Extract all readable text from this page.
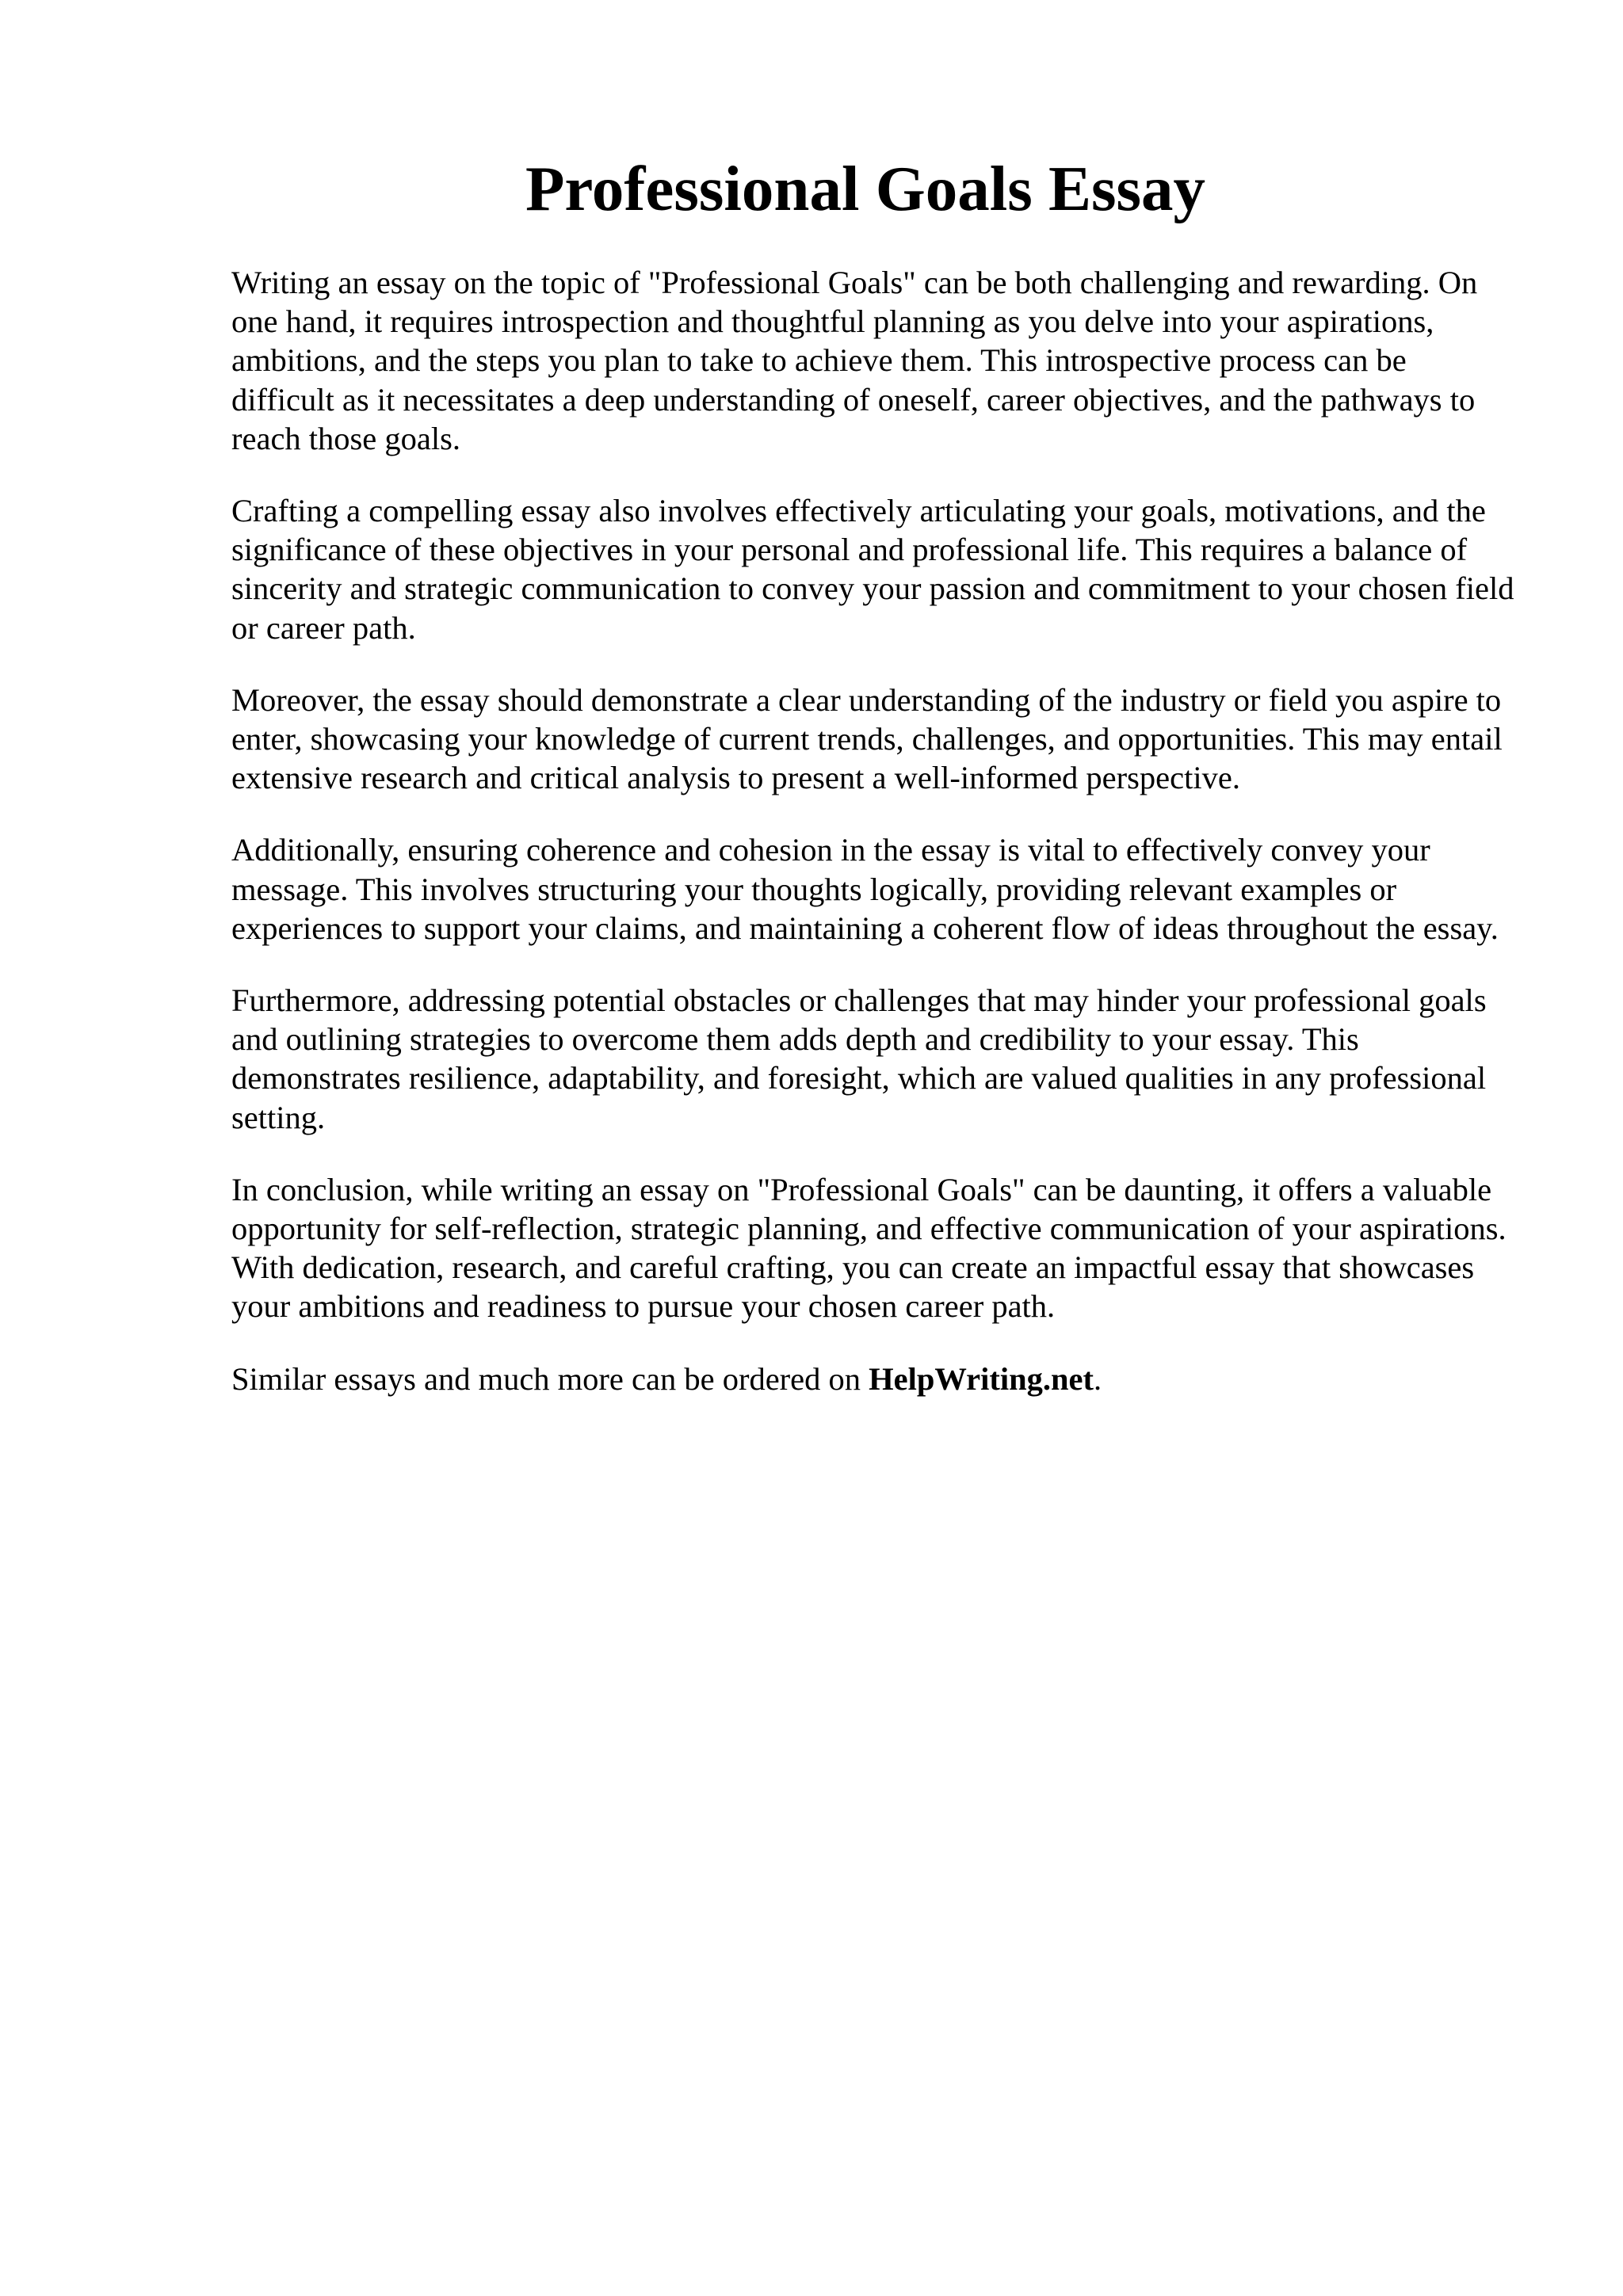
Professional Goals Essay

Writing an essay on the topic of "Professional Goals" can be both challenging and rewarding. On one hand, it requires introspection and thoughtful planning as you delve into your aspirations, ambitions, and the steps you plan to take to achieve them. This introspective process can be difficult as it necessitates a deep understanding of oneself, career objectives, and the pathways to reach those goals.

Crafting a compelling essay also involves effectively articulating your goals, motivations, and the significance of these objectives in your personal and professional life. This requires a balance of sincerity and strategic communication to convey your passion and commitment to your chosen field or career path.

Moreover, the essay should demonstrate a clear understanding of the industry or field you aspire to enter, showcasing your knowledge of current trends, challenges, and opportunities. This may entail extensive research and critical analysis to present a well-informed perspective.

Additionally, ensuring coherence and cohesion in the essay is vital to effectively convey your message. This involves structuring your thoughts logically, providing relevant examples or experiences to support your claims, and maintaining a coherent flow of ideas throughout the essay.

Furthermore, addressing potential obstacles or challenges that may hinder your professional goals and outlining strategies to overcome them adds depth and credibility to your essay. This demonstrates resilience, adaptability, and foresight, which are valued qualities in any professional setting.

In conclusion, while writing an essay on "Professional Goals" can be daunting, it offers a valuable opportunity for self-reflection, strategic planning, and effective communication of your aspirations. With dedication, research, and careful crafting, you can create an impactful essay that showcases your ambitions and readiness to pursue your chosen career path.

Similar essays and much more can be ordered on HelpWriting.net.
